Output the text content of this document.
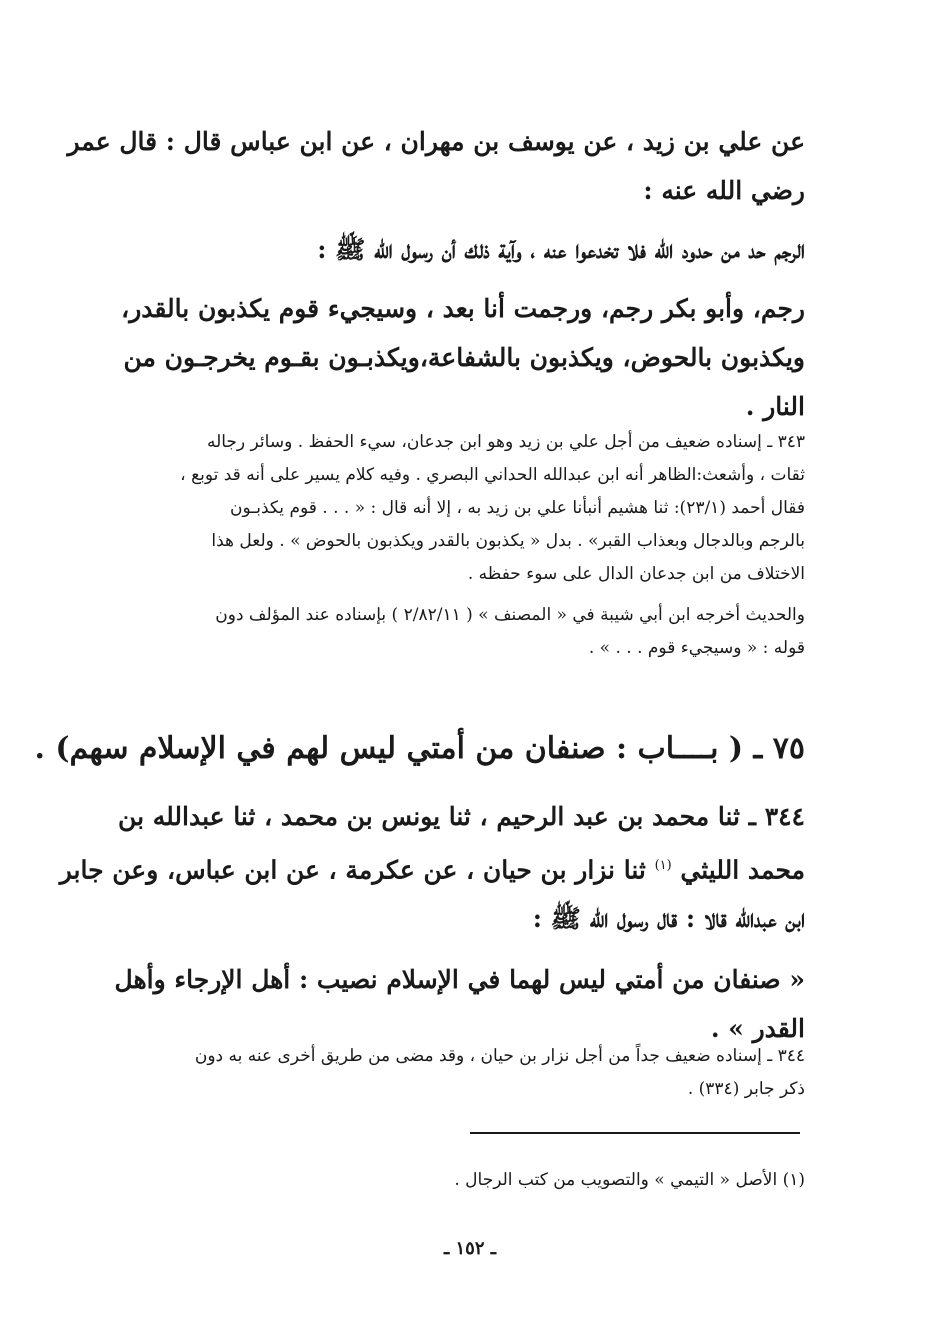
عن علي بن زيد ، عن يوسف بن مهران ، عن ابن عباس قال : قال عمر
رضي الله عنه :
الرجم حد من حدود الله فلا تخدعوا عنه ، وآية ذلك أن رسول الله ﷺ :
رجم، وأبو بكر رجم، ورجمت أنا بعد ، وسيجيء قوم يكذبون بالقدر،
ويكذبون بالحوض، ويكذبون بالشفاعة،ويكذبـون بقـوم يخرجـون من
النار .
٣٤٣ ـ إسناده ضعيف من أجل علي بن زيد وهو ابن جدعان، سيء الحفظ . وسائر رجاله
ثقات ، وأشعث:الظاهر أنه ابن عبدالله الحداني البصري . وفيه كلام يسير على أنه قد توبع ،
فقال أحمد (٢٣/١): ثنا هشيم أنبأنا علي بن زيد به ، إلا أنه قال : « . . . قوم يكذبـون
بالرجم وبالدجال وبعذاب القبر» . بدل « يكذبون بالقدر ويكذبون بالحوض » . ولعل هذا
الاختلاف من ابن جدعان الدال على سوء حفظه .
والحديث أخرجه ابن أبي شيبة في « المصنف » ( ٢/٨٢/١١ ) بإسناده عند المؤلف دون
قوله : « وسيجيء قوم . . . » .
٧٥ ـ ( بــــاب : صنفان من أمتي ليس لهم في الإسلام سهم) .
٣٤٤ ـ ثنا محمد بن عبد الرحيم ، ثنا يونس بن محمد ، ثنا عبدالله بن
محمد الليثي $^{(١)}$ ثنا نزار بن حيان ، عن عكرمة ، عن ابن عباس، وعن جابر
ابن عبدالله قالا : قال رسول الله ﷺ :
« صنفان من أمتي ليس لهما في الإسلام نصيب : أهل الإرجاء وأهل
القدر » .
٣٤٤ ـ إسناده ضعيف جداً من أجل نزار بن حيان ، وقد مضى من طريق أخرى عنه به دون
ذكر جابر (٣٣٤) .
(١) الأصل « التيمي » والتصويب من كتب الرجال .
ـ ١٥٢ ـ
